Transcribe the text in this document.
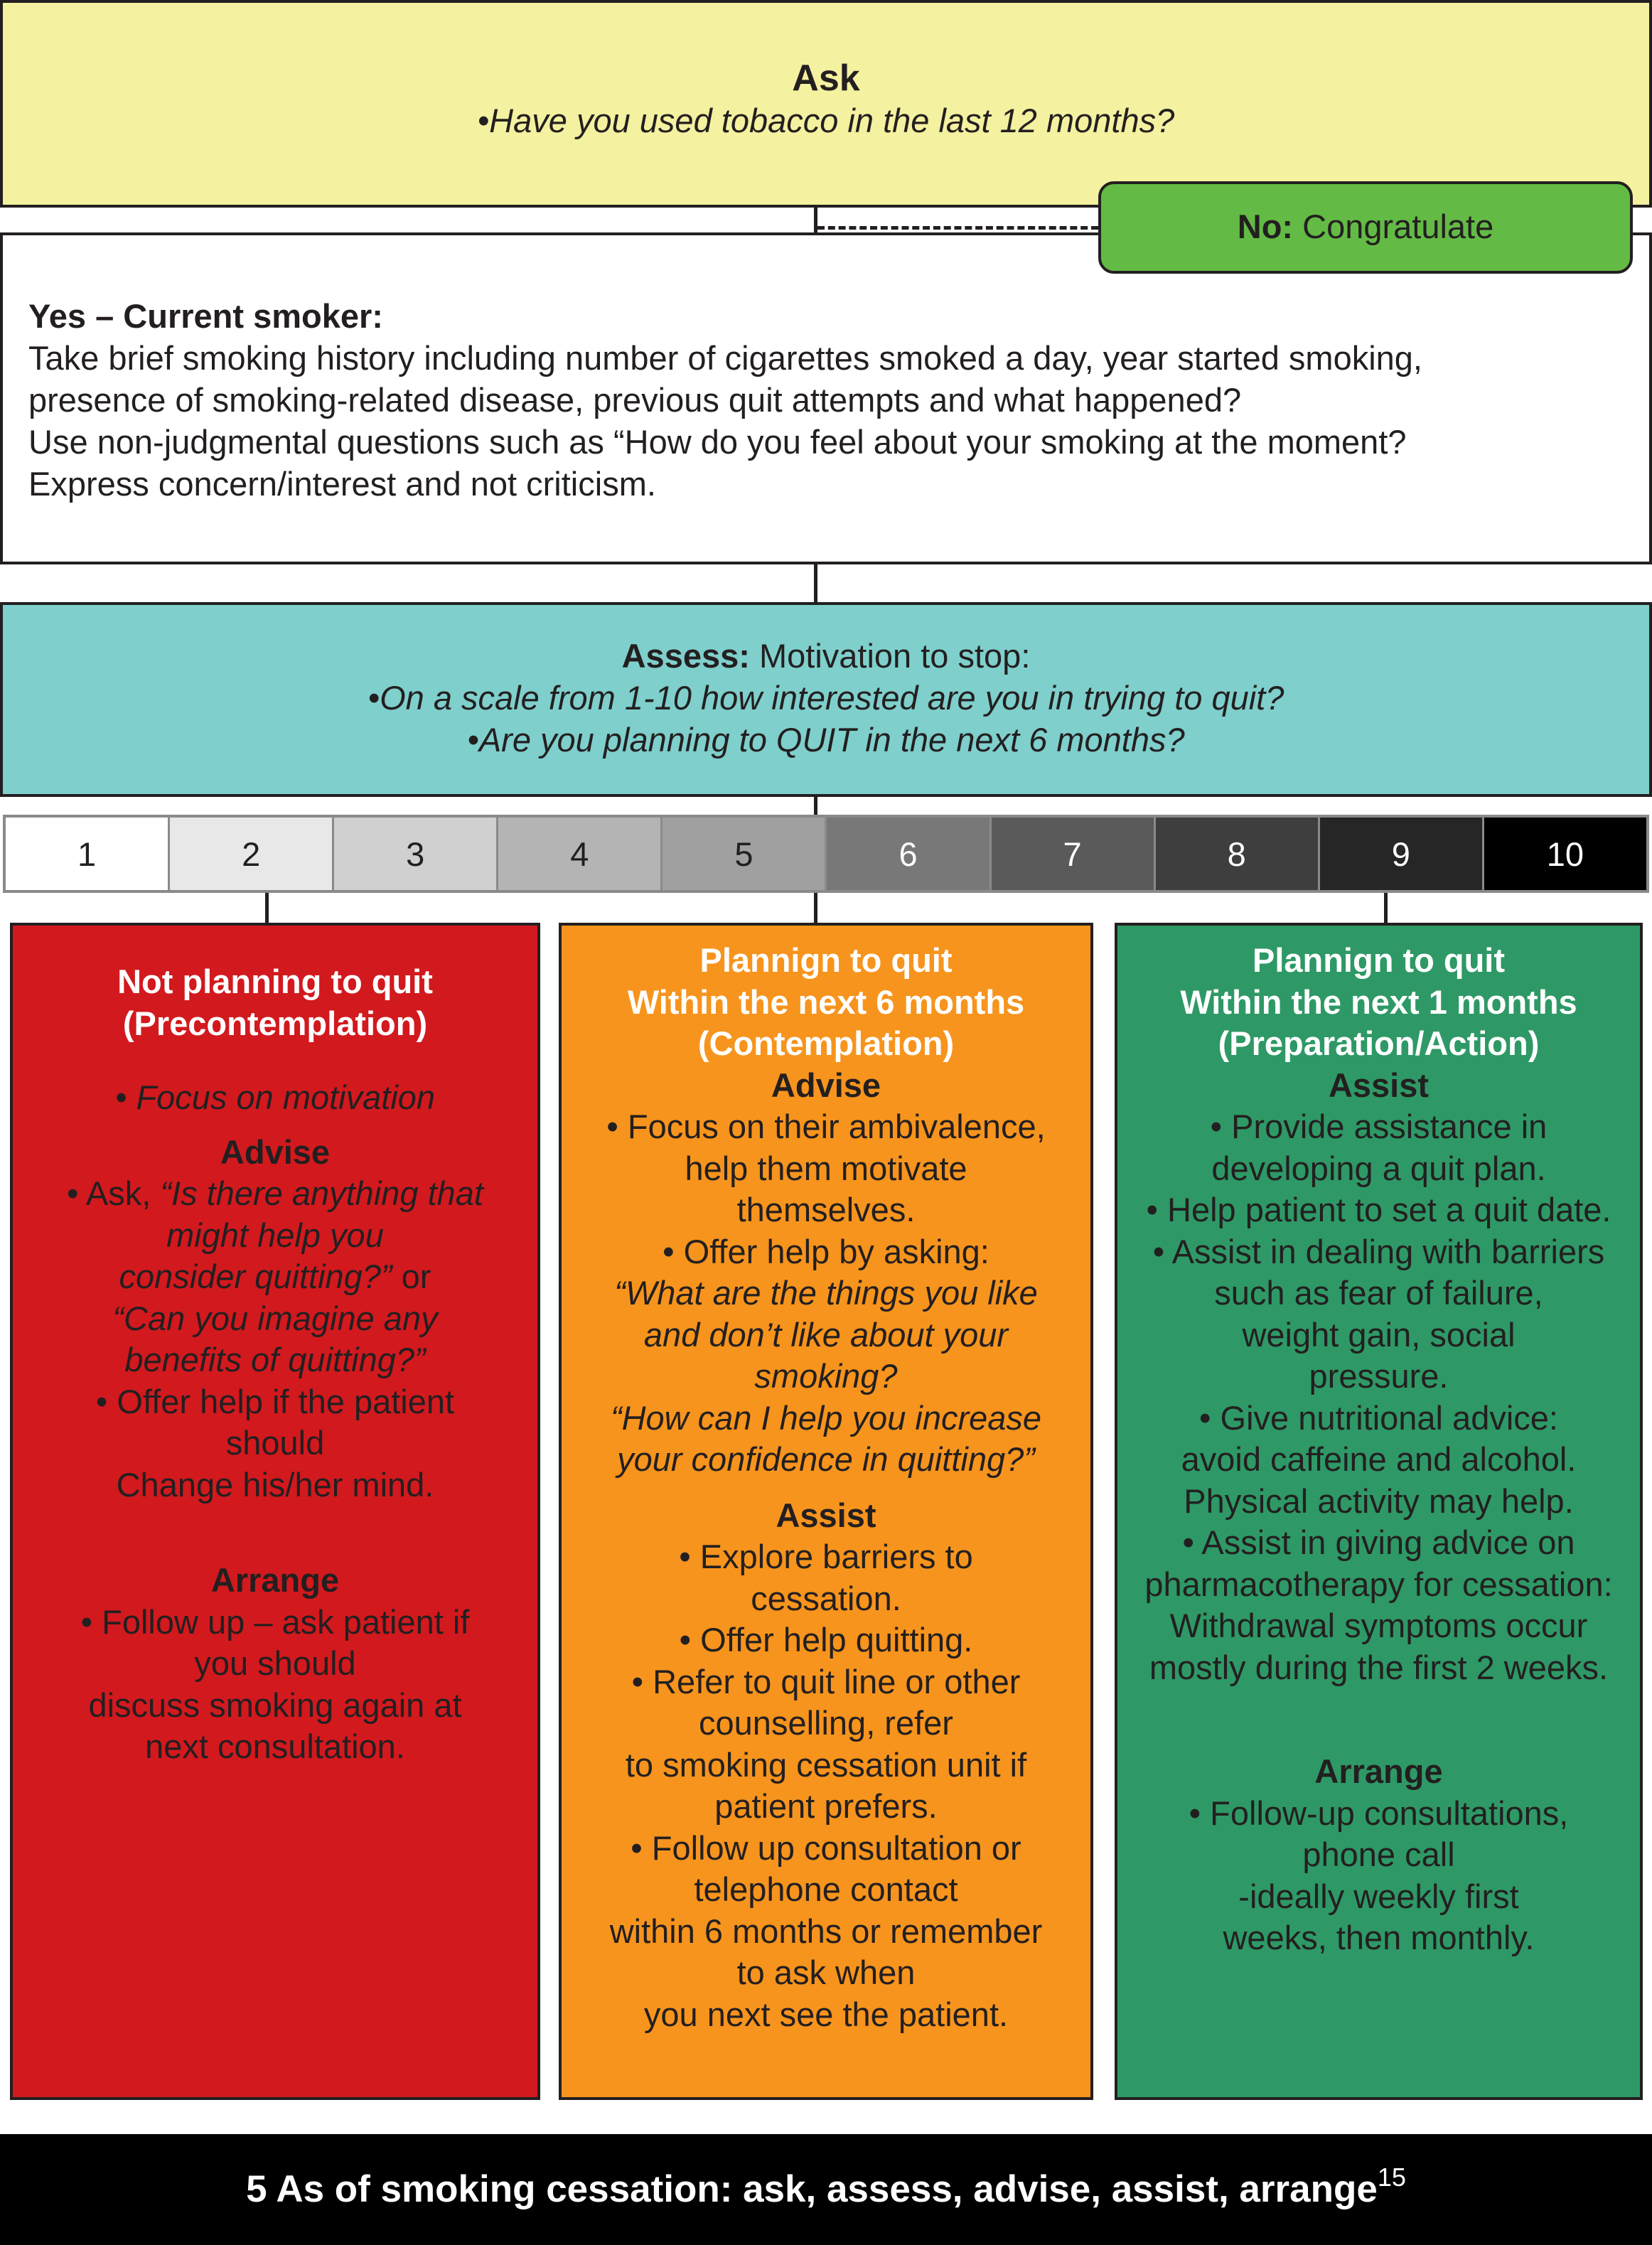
Ask
•Have you used tobacco in the last 12 months?
No: Congratulate
Yes – Current smoker:
Take brief smoking history including number of cigarettes smoked a day, year started smoking,
presence of smoking-related disease, previous quit attempts and what happened?
Use non-judgmental questions such as “How do you feel about your smoking at the moment?
Express concern/interest and not criticism.
Assess: Motivation to stop:
•On a scale from 1-10 how interested are you in trying to quit?
•Are you planning to QUIT in the next 6 months?
1	2	3	4	5	6	7	8	9	10
Not planning to quit
(Precontemplation)
• Focus on motivation
Advise
• Ask, “Is there anything that
might help you
consider quitting?” or
“Can you imagine any
benefits of quitting?”
• Offer help if the patient
should
Change his/her mind.
Arrange
• Follow up – ask patient if
you should
discuss smoking again at
next consultation.
Plannign to quit
Within the next 6 months
(Contemplation)
Advise
• Focus on their ambivalence,
help them motivate
themselves.
• Offer help by asking:
“What are the things you like
and don’t like about your
smoking?
“How can I help you increase
your confidence in quitting?”
Assist
• Explore barriers to
cessation.
• Offer help quitting.
• Refer to quit line or other
counselling, refer
to smoking cessation unit if
patient prefers.
• Follow up consultation or
telephone contact
within 6 months or remember
to ask when
you next see the patient.
Plannign to quit
Within the next 1 months
(Preparation/Action)
Assist
• Provide assistance in
developing a quit plan.
• Help patient to set a quit date.
• Assist in dealing with barriers
such as fear of failure,
weight gain, social
pressure.
• Give nutritional advice:
avoid caffeine and alcohol.
Physical activity may help.
• Assist in giving advice on
pharmacotherapy for cessation:
Withdrawal symptoms occur
mostly during the first 2 weeks.
Arrange
• Follow-up consultations,
phone call
-ideally weekly first
weeks, then monthly.
5 As of smoking cessation: ask, assess, advise, assist, arrange$^{15}$
